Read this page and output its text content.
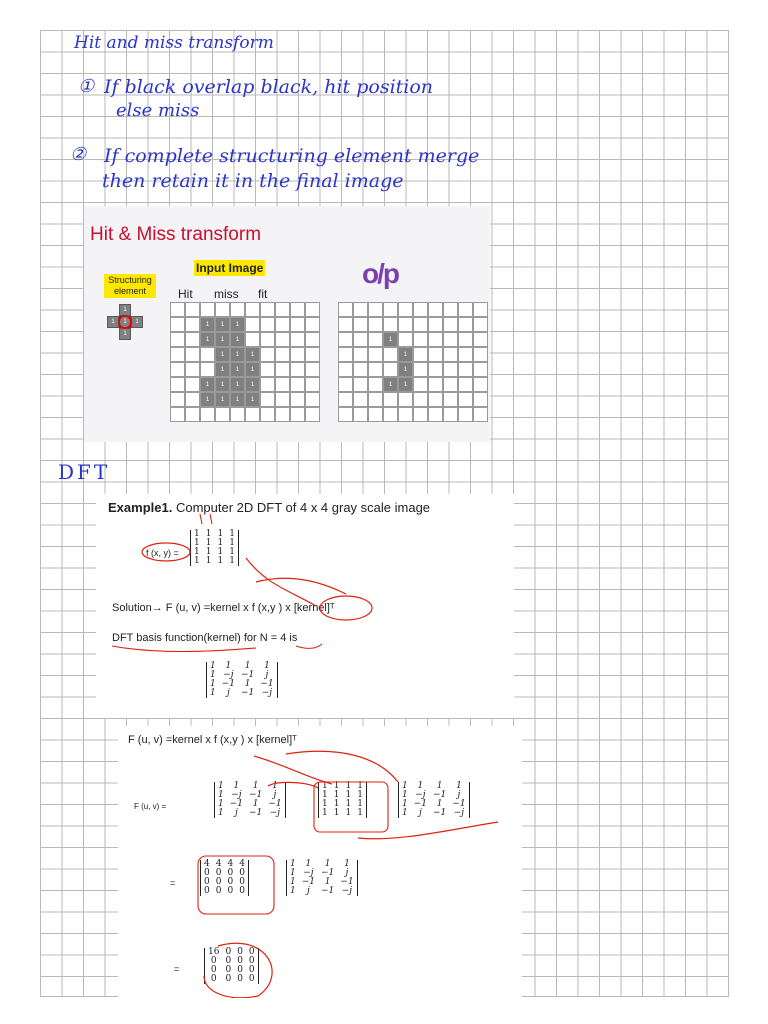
Hit and miss transform
① If black overlap black, hit position
else miss
② If complete structuring element merge
then retain it in the final image
DFT
Hit & Miss transform
Input Image
Structuring element	Hit miss fit
o/p
1
1 1 1
1
1	1	1
1	1	1
1	1	1
1	1	1
1	1	1	1
1	1	1	1
1
1
1
1	1
Example1. Computer 2D DFT of 4 x 4 gray scale image
f (x, y) =
1	1	1	1
1	1	1	1
1	1	1	1
1	1	1	1
Solution→ F (u, v) =kernel x f (x,y ) x [kernel]ᵀ
DFT basis function(kernel) for N = 4 is
1	1	1	1
1	−j	−1	j
1	−1	1	−1
1	j	−1	−j
F (u, v) =kernel x f (x,y ) x [kernel]ᵀ
F (u, v) =
1	1	1	1
1	−j	−1	j
1	−1	1	−1
1	j	−1	−j
1	1	1	1
1	1	1	1
1	1	1	1
1	1	1	1
1	1	1	1
1	−j	−1	j
1	−1	1	−1
1	j	−1	−j
=
4	4	4	4
0	0	0	0
0	0	0	0
0	0	0	0
1	1	1	1
1	−j	−1	j
1	−1	1	−1
1	j	−1	−j
=
16	0	0	0
0	0	0	0
0	0	0	0
0	0	0	0
